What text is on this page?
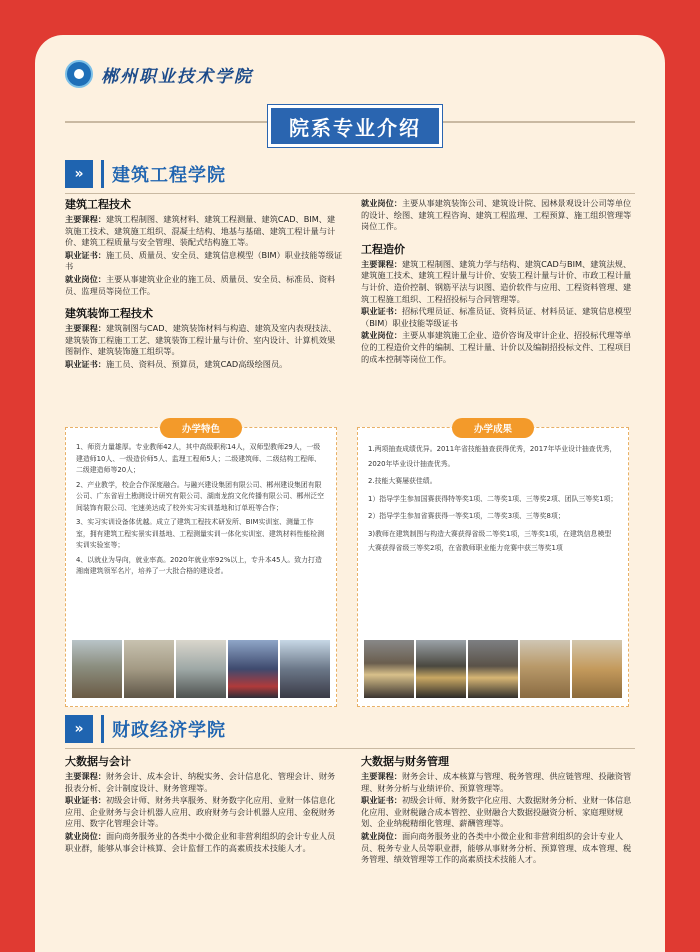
郴州职业技术学院
院系专业介绍
»	建筑工程学院
建筑工程技术

主要课程：建筑工程制图、建筑材料、建筑工程测量、建筑CAD、BIM、建筑施工技术、建筑施工组织、混凝土结构、地基与基础、建筑工程计量与计价、建筑工程质量与安全管理、装配式结构施工等。

职业证书：施工员、质量员、安全员、建筑信息模型（BIM）职业技能等级证书

就业岗位：主要从事建筑业企业的施工员、质量员、安全员、标准员、资料员、监理员等岗位工作。

建筑装饰工程技术

主要课程：建筑制图与CAD、建筑装饰材料与构造、建筑及室内表现技法、建筑装饰工程施工工艺、建筑装饰工程计量与计价、室内设计、计算机效果图制作、建筑装饰施工组织等。

职业证书：施工员、资料员、预算员，建筑CAD高级绘图员。

就业岗位：主要从事建筑装饰公司、建筑设计院、园林景观设计公司等单位的设计、绘图、建筑工程咨询、建筑工程监理、工程预算、施工组织管理等岗位工作。

工程造价

主要课程：建筑工程制图、建筑力学与结构、建筑CAD与BIM、建筑法规、建筑施工技术、建筑工程计量与计价、安装工程计量与计价、市政工程计量与计价、造价控制、钢筋平法与识图、造价软件与应用、工程资料管理、建筑工程施工组织、工程招投标与合同管理等。

职业证书：招标代理员证、标准员证、资料员证、材料员证、建筑信息模型（BIM）职业技能等级证书

就业岗位：主要从事建筑施工企业、造价咨询及审计企业、招投标代理等单位的工程造价文件的编制、工程计量、计价以及编制招投标文件、工程项目的成本控制等岗位工作。

办学特色

1、师资力量雄厚。专业教师42人，其中高级职称14人，双师型教师29人，一级建造师10人、一级造价师5人、监理工程师5人；二级建筑师、二级结构工程师、二级建造师等20人；

2、产业教学，校企合作深度融合。与融兴建设集团有限公司、郴州建设集团有限公司、广东省岩土勘测设计研究有限公司、湖南龙韵文化传播有限公司、郴州泛空间装饰有限公司、宅速美达成了校外实习实训基地和订单班等合作；

3、实习实训设备体优越。成立了建筑工程技术研发所、BIM实训室、测量工作室，拥有建筑工程实景实训基地、工程测量实训一体化实训室、建筑材料性能检测实训实验室等；

4、以就业为导向，就业率高。2020年就业率92%以上，专升本45人。致力打造湘南建筑领军名片，培养了一大批合格的建设者。

办学成果

1.两项抽查成绩优异。2011年省技能抽查获得优秀，2017年毕业设计抽查优秀，2020年毕业设计抽查优秀。

2.技能大赛屡获佳绩。

1）指导学生参加国赛获得特等奖1项、二等奖1项、三等奖2项、团队三等奖1项；

2）指导学生参加省赛获得一等奖1项，二等奖3项、三等奖8项；

3)教师在建筑制图与构造大赛获得省级二等奖1项，三等奖1项，在建筑信息模型大赛获得省级三等奖2项，在省教师职业能力竞赛中获三等奖1项

»	财政经济学院
大数据与会计

主要课程：财务会计、成本会计、纳税实务、会计信息化、管理会计、财务报表分析、会计制度设计、财务管理等。

职业证书：初级会计师、财务共享服务、财务数字化应用、业财一体信息化应用、企业财务与会计机器人应用、政府财务与会计机器人应用、金税财务应用、数字化管理会计等。

就业岗位：面向商务服务业的各类中小微企业和非营利组织的会计专业人员职业群，能够从事会计核算、会计监督工作的高素质技术技能人才。

大数据与财务管理

主要课程：财务会计、成本核算与管理、税务管理、供应链管理、投融资管理、财务分析与业绩评价、预算管理等。

职业证书：初级会计师、财务数字化应用、大数据财务分析、业财一体信息化应用、业财税融合成本管控、业财融合大数据投融资分析、家庭理财规划、企业纳税精细化管理、薪酬管理等。

就业岗位：面向商务服务业的各类中小微企业和非营利组织的会计专业人员、税务专业人员等职业群，能够从事财务分析、预算管理、成本管理、税务管理、绩效管理等工作的高素质技术技能人才。
